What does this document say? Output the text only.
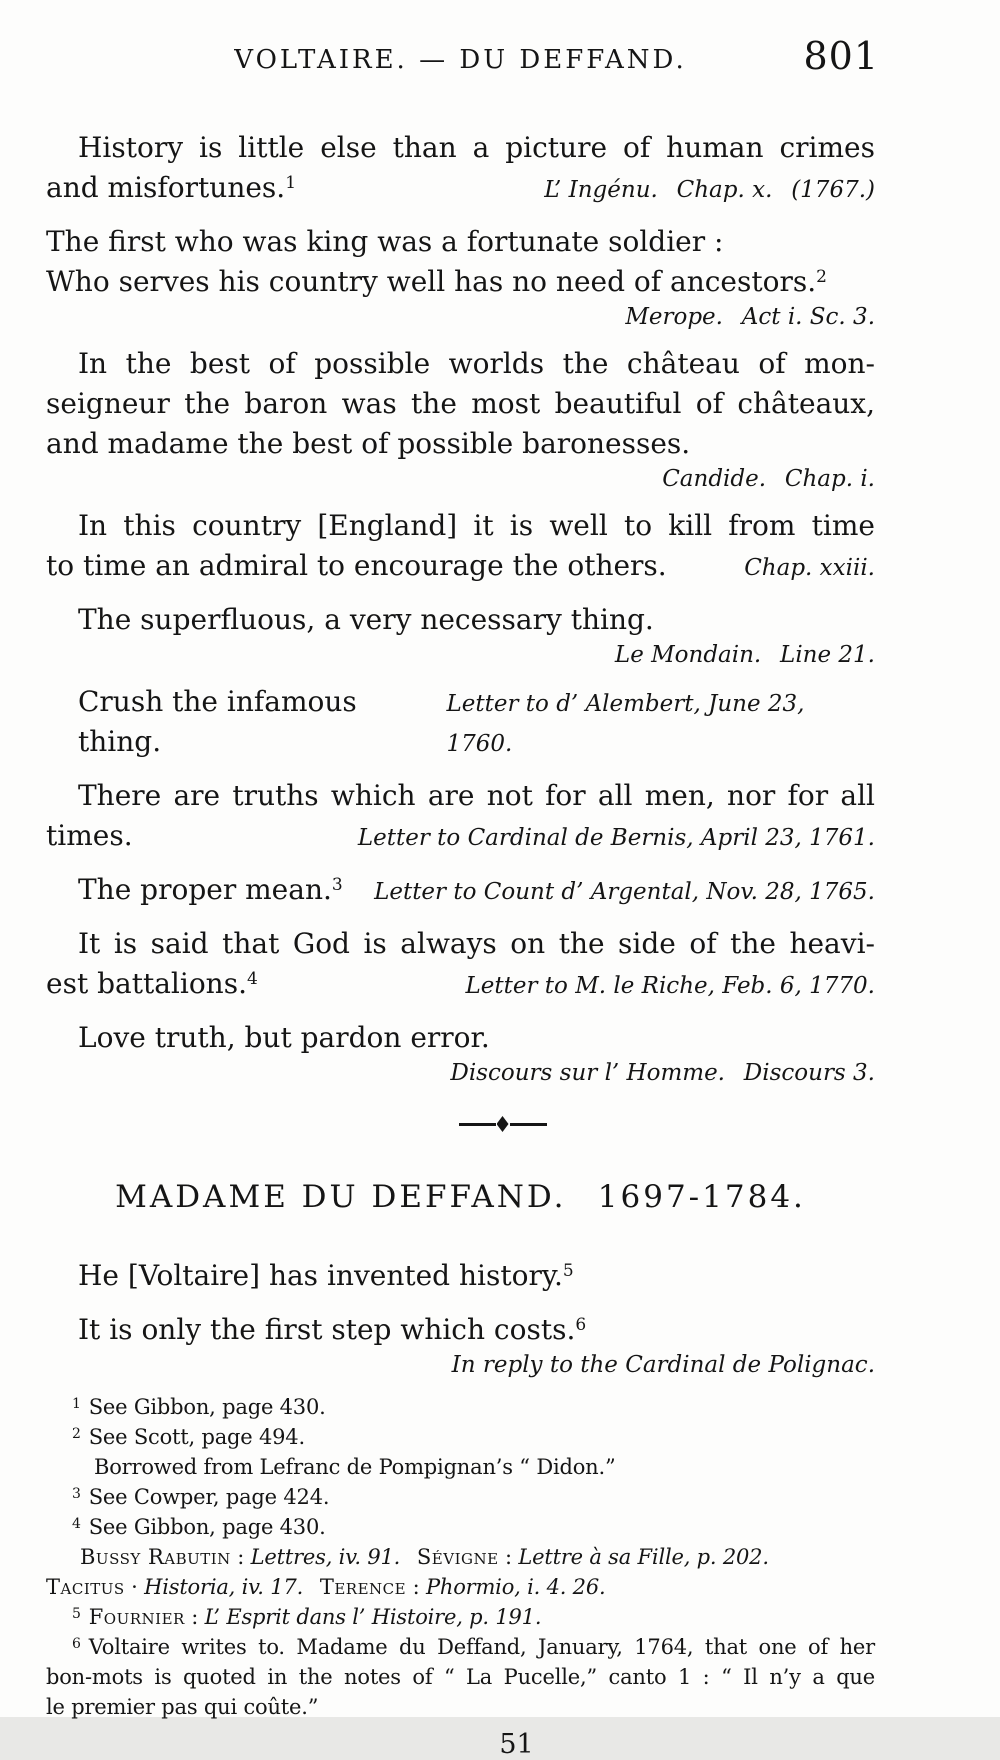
VOLTAIRE. — DU DEFFAND.	801
History is little else than a picture of human crimes
and misfortunes.$^1$	L’ Ingénu.  Chap. x.  (1767.)
The first who was king was a fortunate soldier :
Who serves his country well has no need of ancestors.$^2$
Merope.  Act i. Sc. 3.
In the best of possible worlds the château of mon-
seigneur the baron was the most beautiful of châteaux,
and madame the best of possible baronesses.
Candide.  Chap. i.
In this country [England] it is well to kill from time
to time an admiral to encourage the others.	Chap. xxiii.
The superfluous, a very necessary thing.
Le Mondain.  Line 21.
Crush the infamous thing.
Letter to d’ Alembert, June 23, 1760.
There are truths which are not for all men, nor for all
times.	Letter to Cardinal de Bernis, April 23, 1761.
The proper mean.$^3$ Letter to Count d’ Argental, Nov. 28, 1765.
It is said that God is always on the side of the heavi-
est battalions.$^4$	Letter to M. le Riche, Feb. 6, 1770.
Love truth, but pardon error.
Discours sur l’ Homme.  Discours 3.
MADAME DU DEFFAND.  1697-1784.
He [Voltaire] has invented history.$^5$
It is only the first step which costs.$^6$
In reply to the Cardinal de Polignac.
$^1$ See Gibbon, page 430.
$^2$ See Scott, page 494.
Borrowed from Lefranc de Pompignan’s “ Didon.”
$^3$ See Cowper, page 424.
$^4$ See Gibbon, page 430.
Bussy Rabutin : Lettres, iv. 91.  Sévigne : Lettre à sa Fille, p. 202.
Tacitus · Historia, iv. 17.  Terence : Phormio, i. 4. 26.
$^5$ Fournier : L’ Esprit dans l’ Histoire, p. 191.
$^6$ Voltaire writes to. Madame du Deffand, January, 1764, that one of her
bon-mots is quoted in the notes of “ La Pucelle,” canto 1 : “ Il n’y a que
le premier pas qui coûte.”
51
